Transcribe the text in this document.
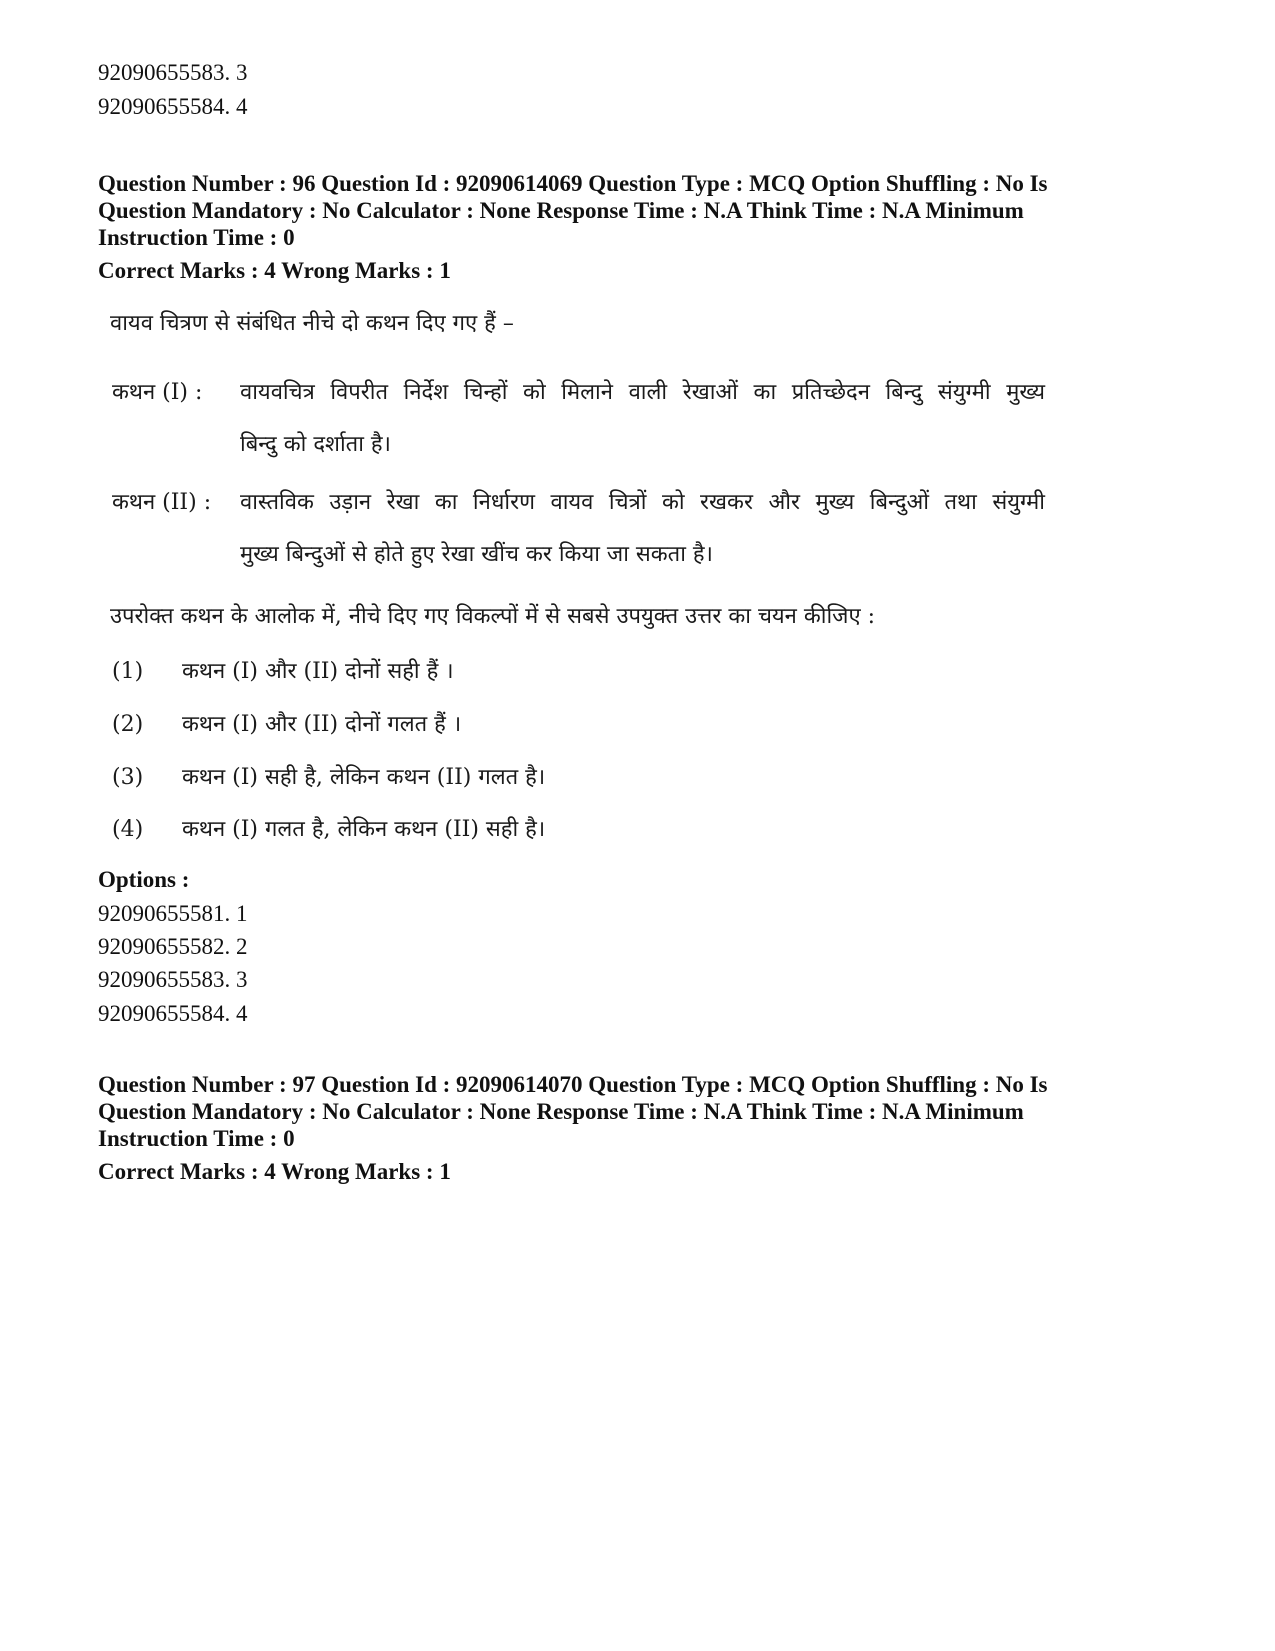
92090655583. 3
92090655584. 4
Question Number : 96 Question Id : 92090614069 Question Type : MCQ Option Shuffling : No Is
Question Mandatory : No Calculator : None Response Time : N.A Think Time : N.A Minimum
Instruction Time : 0
Correct Marks : 4 Wrong Marks : 1
वायव चित्रण से संबंधित नीचे दो कथन दिए गए हैं –
कथन (I) : वायवचित्र विपरीत निर्देश चिन्हों को मिलाने वाली रेखाओं का प्रतिच्छेदन बिन्दु संयुग्मी मुख्य
बिन्दु को दर्शाता है।
कथन (II) : वास्तविक उड़ान रेखा का निर्धारण वायव चित्रों को रखकर और मुख्य बिन्दुओं तथा संयुग्मी
मुख्य बिन्दुओं से होते हुए रेखा खींच कर किया जा सकता है।
उपरोक्त कथन के आलोक में, नीचे दिए गए विकल्पों में से सबसे उपयुक्त उत्तर का चयन कीजिए :
(1) कथन (I) और (II) दोनों सही हैं ।
(2) कथन (I) और (II) दोनों गलत हैं ।
(3) कथन (I) सही है, लेकिन कथन (II) गलत है।
(4) कथन (I) गलत है, लेकिन कथन (II) सही है।
Options :
92090655581. 1
92090655582. 2
92090655583. 3
92090655584. 4
Question Number : 97 Question Id : 92090614070 Question Type : MCQ Option Shuffling : No Is
Question Mandatory : No Calculator : None Response Time : N.A Think Time : N.A Minimum
Instruction Time : 0
Correct Marks : 4 Wrong Marks : 1
